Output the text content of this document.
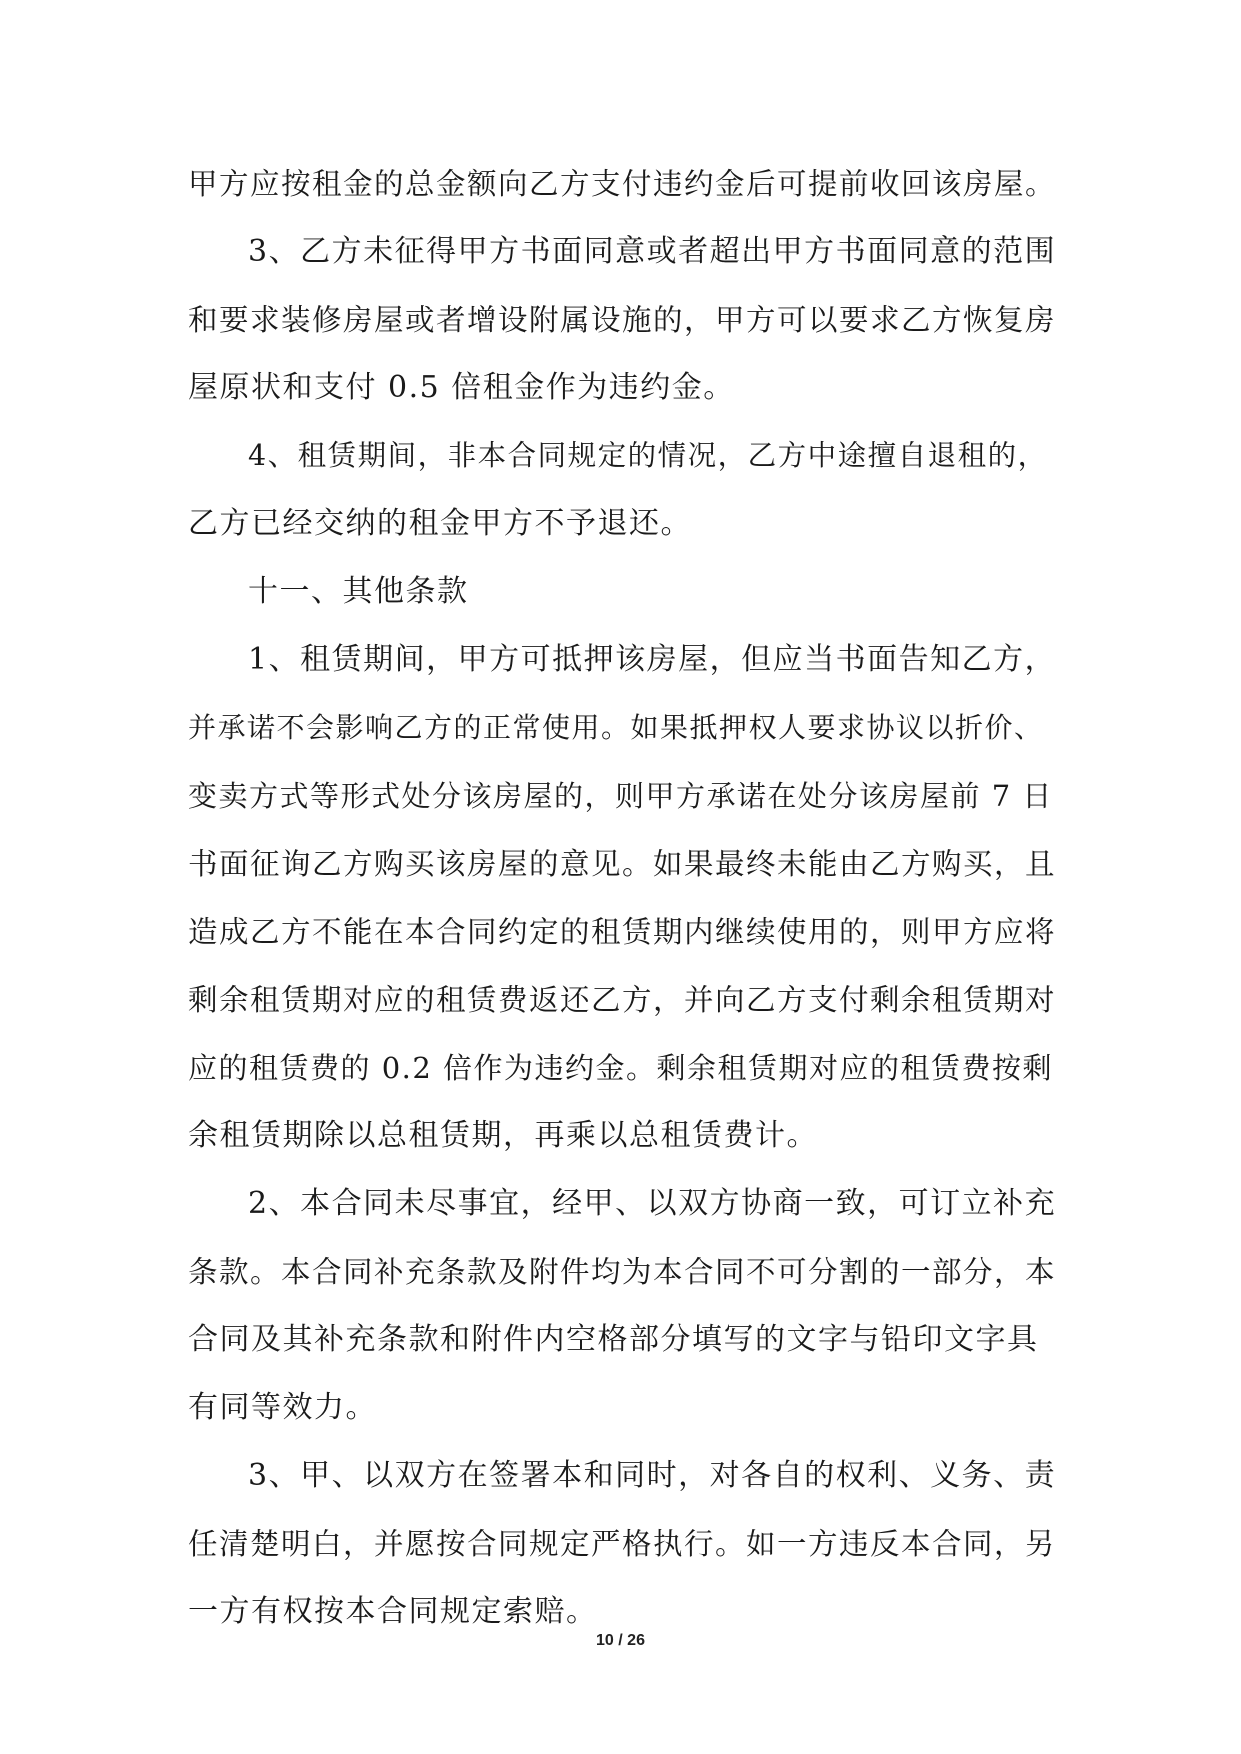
甲方应按租金的总金额向乙方支付违约金后可提前收回该房屋。
3、乙方未征得甲方书面同意或者超出甲方书面同意的范围
和要求装修房屋或者增设附属设施的，甲方可以要求乙方恢复房
屋原状和支付 0.5 倍租金作为违约金。
4、租赁期间，非本合同规定的情况，乙方中途擅自退租的，
乙方已经交纳的租金甲方不予退还。
十一、其他条款
1、租赁期间，甲方可抵押该房屋，但应当书面告知乙方，
并承诺不会影响乙方的正常使用。如果抵押权人要求协议以折价、
变卖方式等形式处分该房屋的，则甲方承诺在处分该房屋前 7 日
书面征询乙方购买该房屋的意见。如果最终未能由乙方购买，且
造成乙方不能在本合同约定的租赁期内继续使用的，则甲方应将
剩余租赁期对应的租赁费返还乙方，并向乙方支付剩余租赁期对
应的租赁费的 0.2 倍作为违约金。剩余租赁期对应的租赁费按剩
余租赁期除以总租赁期，再乘以总租赁费计。
2、本合同未尽事宜，经甲、以双方协商一致，可订立补充
条款。本合同补充条款及附件均为本合同不可分割的一部分，本
合同及其补充条款和附件内空格部分填写的文字与铅印文字具
有同等效力。
3、甲、以双方在签署本和同时，对各自的权利、义务、责
任清楚明白，并愿按合同规定严格执行。如一方违反本合同，另
一方有权按本合同规定索赔。
10 / 26
